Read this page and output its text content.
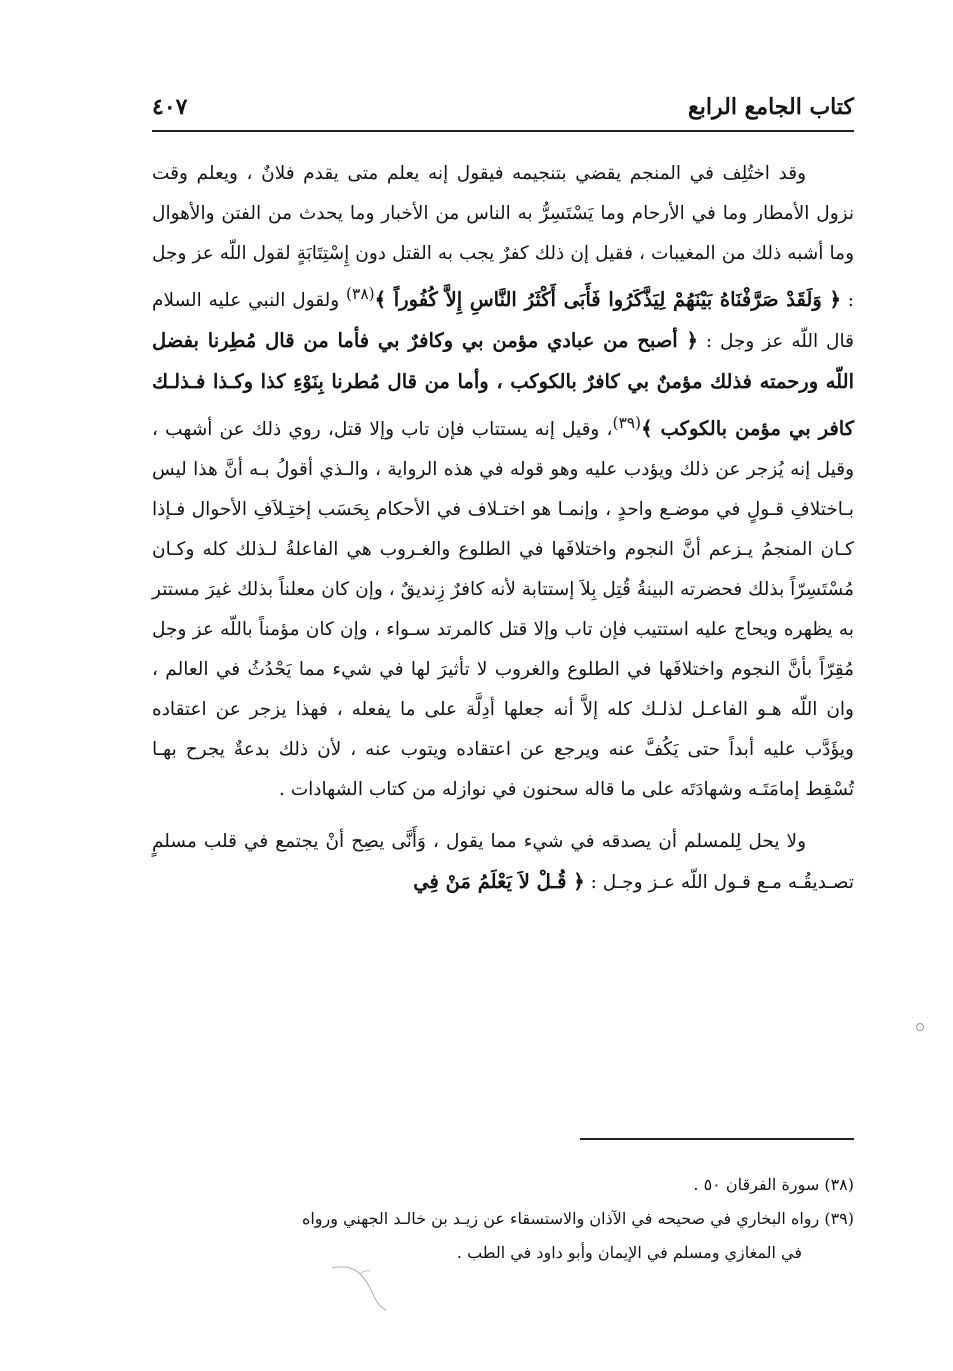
كتاب الجامع الرابع
٤٠٧

وقد اختُلِف في المنجم يقضي بتنجيمه فيقول إنه يعلم متى يقدم فلانٌ ، ويعلم وقت نزول الأمطار وما في الأرحام وما يَسْتَسِرُّ به الناس من الأخبار وما يحدث من الفتن والأهوال وما أشبه ذلك من المغيبات ، فقيل إن ذلك كفرٌ يجب به القتل دون إِسْتِتَابَةٍ لقول اللّه عز وجل : ﴿ وَلَقَدْ صَرَّفْنَاهُ بَيْنَهُمْ لِيَذَّكَرُوا فَأَبَى أَكْثَرُ النَّاسِ إِلاَّ كُفُوراً ﴾$^{(٣٨)}$ ولقول النبي عليه السلام قال اللّه عز وجل : ﴿ أصبح من عبادي مؤمن بي وكافرٌ بي فأما من قال مُطِرنا بفضل اللّه ورحمته فذلك مؤمنٌ بي كافرٌ بالكوكب ، وأما من قال مُطرنا بِنَوْءِ كذا وكـذا فـذلـك كافر بي مؤمن بالكوكب ﴾$^{(٣٩)}$، وقيل إنه يستتاب فإن تاب وإلا قتل، روي ذلك عن أشهب ، وقيل إنه يُزجر عن ذلك ويؤدب عليه وهو قوله في هذه الرواية ، والـذي أقولُ بـه أنَّ هذا ليس بـاختلافِ قـولٍ في موضـع واحدٍ ، وإنمـا هو اختـلاف في الأحكام بِحَسَب إختِـلاَفِ الأحوال فـإذا كـان المنجمُ يـزعم أنَّ النجوم واختلافَها في الطلوع والغـروب هي الفاعلةُ لـذلك كله وكـان مُسْتَسِرّاً بذلك فحضرته البينةُ قُتِل بِلاَ إستتابة لأنه كافرٌ زِنديقٌ ، وإن كان معلناً بذلك غيرَ مستتر به يظهره ويحاج عليه استتيب فإن تاب وإلا قتل كالمرتد سـواء ، وإن كان مؤمناً باللّه عز وجل مُقِرّاً بأنَّ النجوم واختلافَها في الطلوع والغروب لا تأثيرَ لها في شيء مما يَحْدُثُ في العالم ، وان اللّه هـو الفاعـل لذلـك كله إلاَّ أنه جعلها أدِلَّة على ما يفعله ، فهذا يزجر عن اعتقاده ويؤَدَّب عليه أبداً حتى يَكُفَّ عنه ويرجع عن اعتقاده ويتوب عنه ، لأن ذلك بدعةٌ يجرح بهـا تُسْقِط إمامَتَـه وشهادَتَه على ما قاله سحنون في نوازله من كتاب الشهادات .

ولا يحل لِلمسلم أن يصدقه في شيء مما يقول ، وَأَنَّى يصِح أنْ يجتمع في قلب مسلمٍ تصـديقُـه مـع قـول اللّه عـز وجـل : ﴿ قُـلْ لاَ يَعْلَمُ مَنْ فِي

(٣٨) سورة الفرقان ٥٠ .

(٣٩) رواه البخاري في صحيحه في الآذان والاستسقاء عن زيـد بن خالـد الجهني ورواه

في المغازي ومسلم في الإيمان وأبو داود في الطب .
